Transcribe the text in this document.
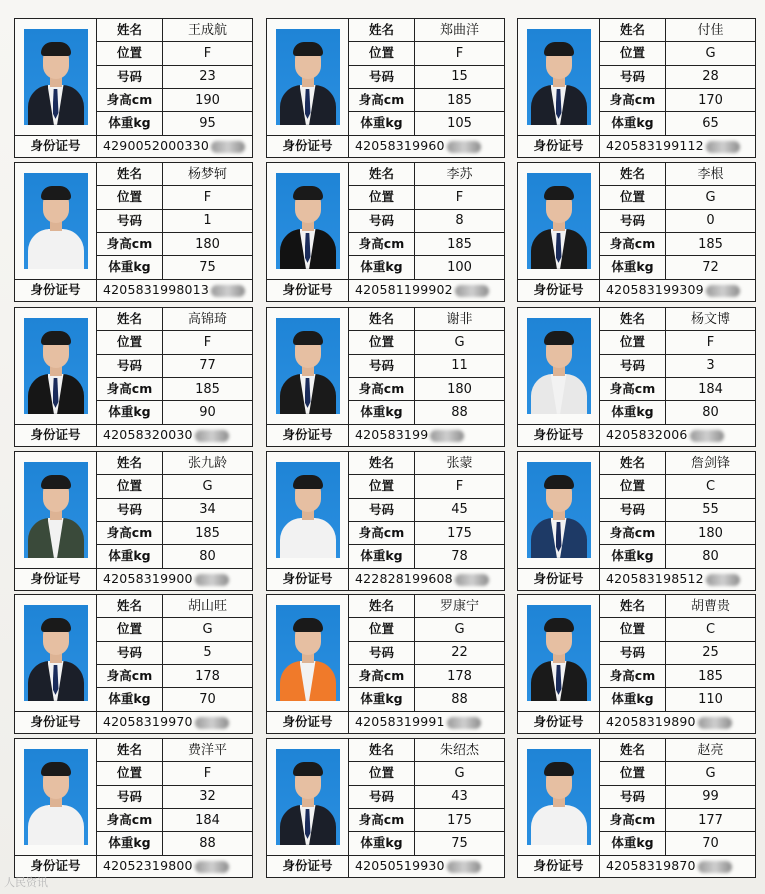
	姓名	王成航
	位置	F
	号码	23
	身高cm	190
	体重kg	95
身份证号	4290052000330	
	姓名	郑曲洋
	位置	F
	号码	15
	身高cm	185
	体重kg	105
身份证号	42058319960	
	姓名	付佳
	位置	G
	号码	28
	身高cm	170
	体重kg	65
身份证号	420583199112	
	姓名	杨梦轲
	位置	F
	号码	1
	身高cm	180
	体重kg	75
身份证号	4205831998013	
	姓名	李苏
	位置	F
	号码	8
	身高cm	185
	体重kg	100
身份证号	420581199902	
	姓名	李根
	位置	G
	号码	0
	身高cm	185
	体重kg	72
身份证号	420583199309	
	姓名	高锦琦
	位置	F
	号码	77
	身高cm	185
	体重kg	90
身份证号	42058320030	
	姓名	谢非
	位置	G
	号码	11
	身高cm	180
	体重kg	88
身份证号	420583199	
	姓名	杨文博
	位置	F
	号码	3
	身高cm	184
	体重kg	80
身份证号	4205832006	
	姓名	张九龄
	位置	G
	号码	34
	身高cm	185
	体重kg	80
身份证号	42058319900	
	姓名	张蒙
	位置	F
	号码	45
	身高cm	175
	体重kg	78
身份证号	422828199608	
	姓名	詹剑锋
	位置	C
	号码	55
	身高cm	180
	体重kg	80
身份证号	420583198512	
	姓名	胡山旺
	位置	G
	号码	5
	身高cm	178
	体重kg	70
身份证号	42058319970	
	姓名	罗康宁
	位置	G
	号码	22
	身高cm	178
	体重kg	88
身份证号	42058319991	
	姓名	胡曹贵
	位置	C
	号码	25
	身高cm	185
	体重kg	110
身份证号	42058319890	
	姓名	费洋平
	位置	F
	号码	32
	身高cm	184
	体重kg	88
身份证号	42052319800	
	姓名	朱绍杰
	位置	G
	号码	43
	身高cm	175
	体重kg	75
身份证号	42050519930	
	姓名	赵亮
	位置	G
	号码	99
	身高cm	177
	体重kg	70
身份证号	42058319870	
人民资讯
